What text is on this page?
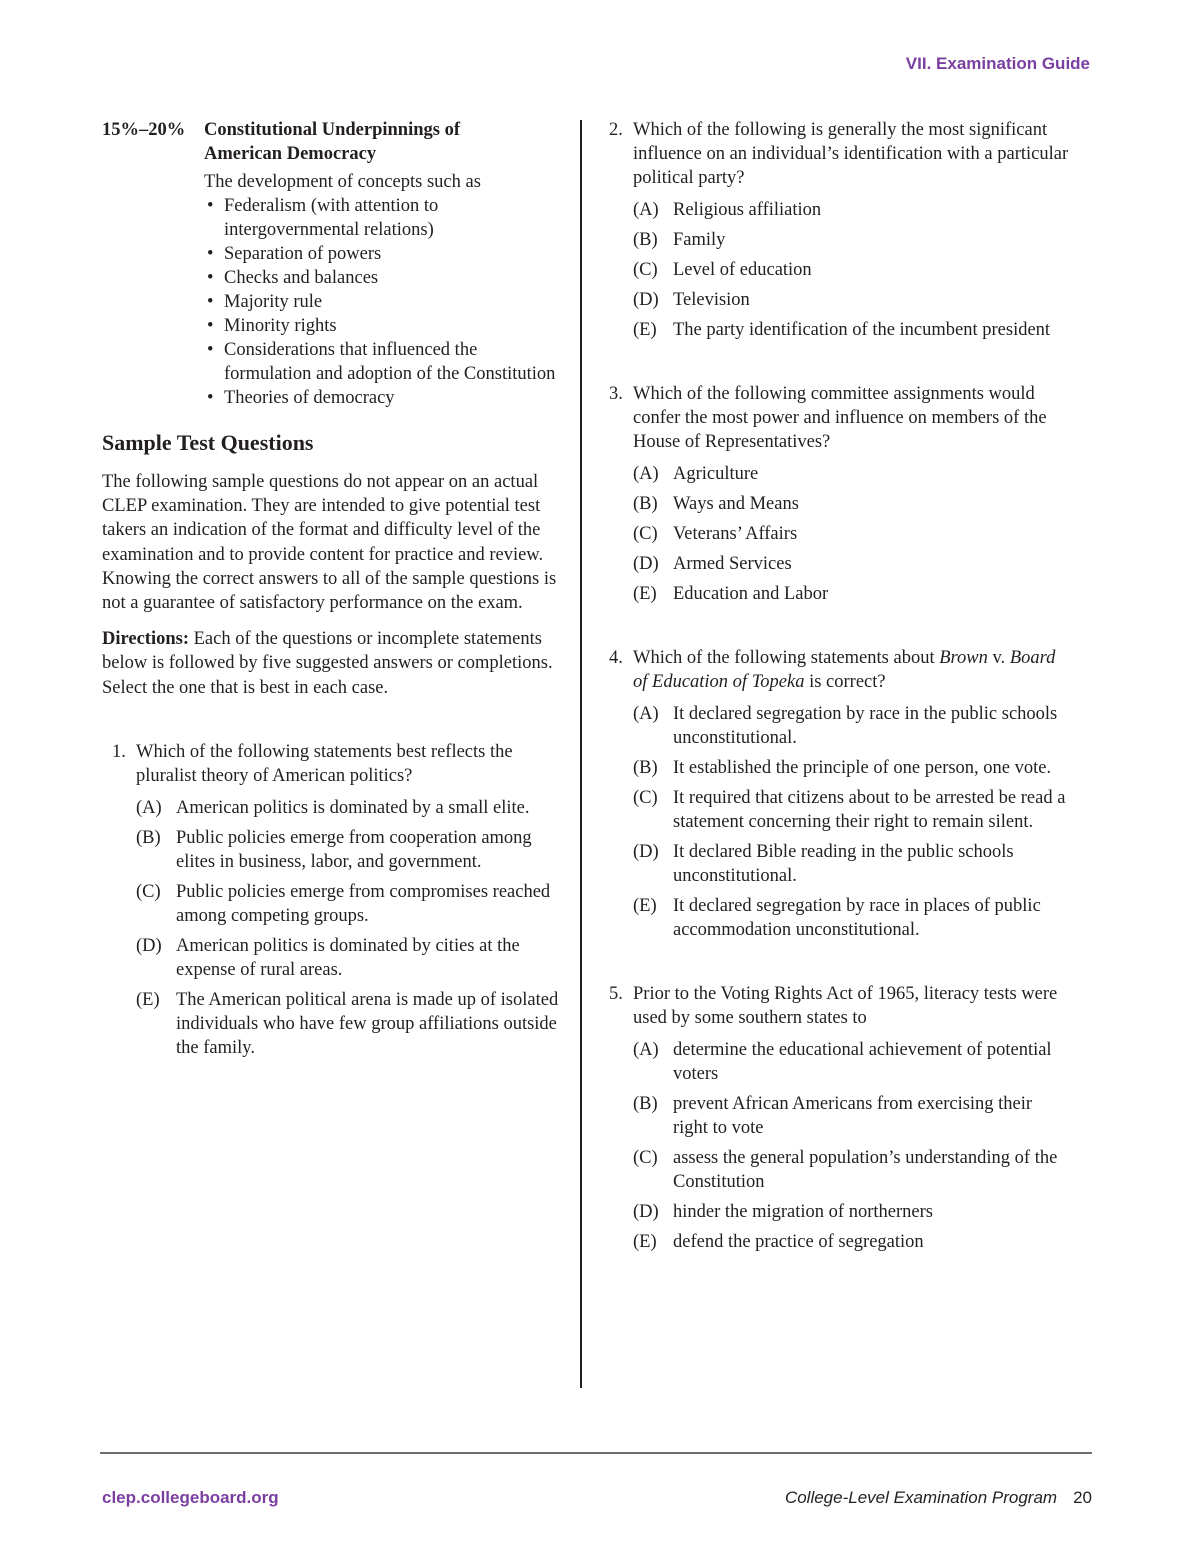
VII. Examination Guide
15%–20%	Constitutional Underpinnings of
American Democracy
The development of concepts such as
• Federalism (with attention to intergovernmental relations)
• Separation of powers
• Checks and balances
• Majority rule
• Minority rights
• Considerations that influenced the formulation and adoption of the Constitution
• Theories of democracy
Sample Test Questions

The following sample questions do not appear on an actual CLEP examination. They are intended to give potential test takers an indication of the format and difficulty level of the examination and to provide content for practice and review. Knowing the correct answers to all of the sample questions is not a guarantee of satisfactory performance on the exam.

Directions: Each of the questions or incomplete statements below is followed by five suggested answers or completions. Select the one that is best in each case.

1. Which of the following statements best reflects the pluralist theory of American politics?
(A) American politics is dominated by a small elite.
(B) Public policies emerge from cooperation among elites in business, labor, and government.
(C) Public policies emerge from compromises reached among competing groups.
(D) American politics is dominated by cities at the expense of rural areas.
(E) The American political arena is made up of isolated individuals who have few group affiliations outside the family.
2. Which of the following is generally the most significant influence on an individual’s identification with a particular political party?
(A) Religious affiliation
(B) Family
(C) Level of education
(D) Television
(E) The party identification of the incumbent president
3. Which of the following committee assignments would confer the most power and influence on members of the House of Representatives?
(A) Agriculture
(B) Ways and Means
(C) Veterans’ Affairs
(D) Armed Services
(E) Education and Labor
4. Which of the following statements about Brown v. Board of Education of Topeka is correct?
(A) It declared segregation by race in the public schools unconstitutional.
(B) It established the principle of one person, one vote.
(C) It required that citizens about to be arrested be read a statement concerning their right to remain silent.
(D) It declared Bible reading in the public schools unconstitutional.
(E) It declared segregation by race in places of public accommodation unconstitutional.
5. Prior to the Voting Rights Act of 1965, literacy tests were used by some southern states to
(A) determine the educational achievement of potential voters
(B) prevent African Americans from exercising their right to vote
(C) assess the general population’s understanding of the Constitution
(D) hinder the migration of northerners
(E) defend the practice of segregation
clep.collegeboard.org	College-Level Examination Program 20
